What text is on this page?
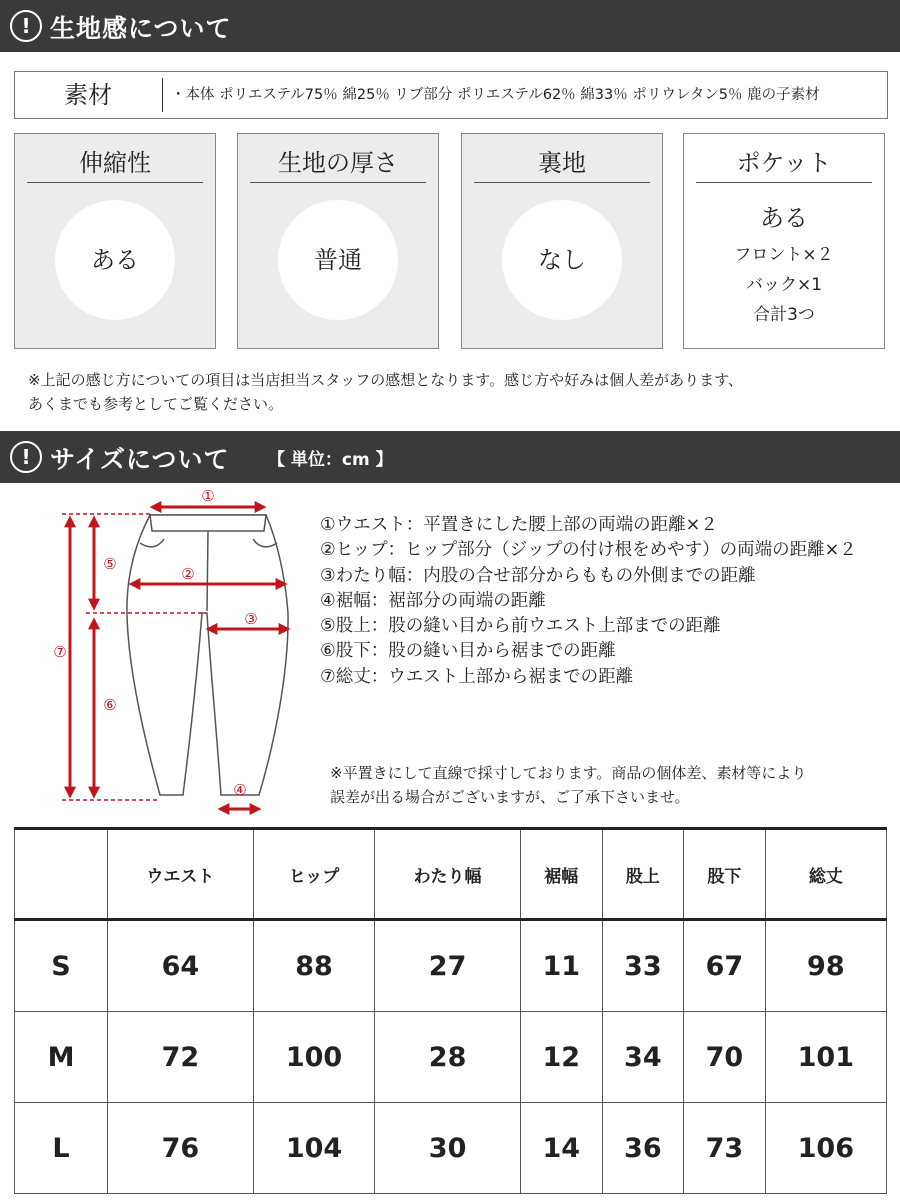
! 生地感について
素材	・本体 ポリエステル75％ 綿25％ リブ部分 ポリエステル62％ 綿33％ ポリウレタン5％ 鹿の子素材
伸縮性
ある
生地の厚さ
普通
裏地
なし
ポケット
ある
フロント×２
バック×1
合計3つ
※上記の感じ方についての項目は当店担当スタッフの感想となります。感じ方や好みは個人差があります、
あくまでも参考としてご覧ください。
! サイズについて 【 単位：cm 】
①
②
③
④
⑤
⑥
⑦
①ウエスト：平置きにした腰上部の両端の距離×２
②ヒップ：ヒップ部分（ジップの付け根をめやす）の両端の距離×２
③わたり幅：内股の合せ部分からももの外側までの距離
④裾幅：裾部分の両端の距離
⑤股上：股の縫い目から前ウエスト上部までの距離
⑥股下：股の縫い目から裾までの距離
⑦総丈：ウエスト上部から裾までの距離
※平置きにして直線で採寸しております。商品の個体差、素材等により
誤差が出る場合がございますが、ご了承下さいませ。
	ウエスト	ヒップ	わたり幅	裾幅	股上	股下	総丈
S	64	88	27	11	33	67	98
M	72	100	28	12	34	70	101
L	76	104	30	14	36	73	106
